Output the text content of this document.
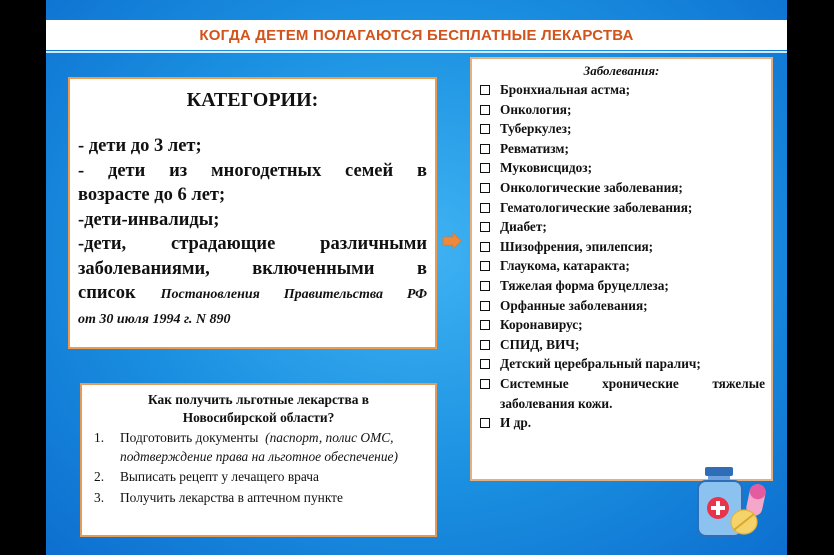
КОГДА ДЕТЕМ ПОЛАГАЮТСЯ БЕСПЛАТНЫЕ ЛЕКАРСТВА
КАТЕГОРИИ:
- дети до 3 лет;
- дети из многодетных семей в
возрасте до 6 лет;
-дети-инвалиды;
-дети, страдающие различными
заболеваниями, включенными в
список Постановления Правительства РФ
от 30 июля 1994 г. N 890
Заболевания:
Бронхиальная астма;
Онкология;
Туберкулез;
Ревматизм;
Муковисцидоз;
Онкологические заболевания;
Гематологические заболевания;
Диабет;
Шизофрения, эпилепсия;
Глаукома, катаракта;
Тяжелая форма бруцеллеза;
Орфанные заболевания;
Коронавирус;
СПИД, ВИЧ;
Детский церебральный паралич;
Системные хронические тяжелые заболевания кожи.
И др.
Как получить льготные лекарства в
Новосибирской области?
1.	Подготовить документы (паспорт, полис ОМС, подтверждение права на льготное обеспечение)
2.	Выписать рецепт у лечащего врача
3.	Получить лекарства в аптечном пункте
